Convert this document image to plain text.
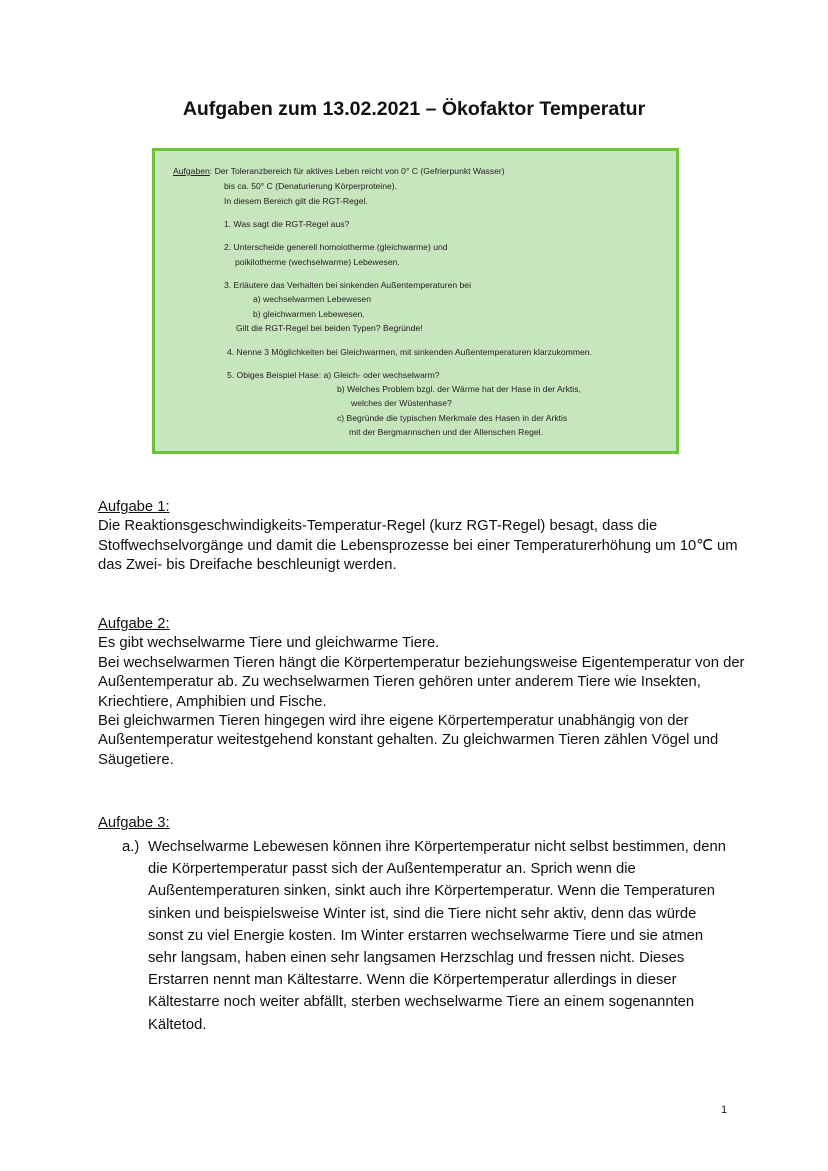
Aufgaben zum 13.02.2021 – Ökofaktor Temperatur
Aufgaben: Der Toleranzbereich für aktives Leben reicht von 0° C (Gefrierpunkt Wasser)
bis ca. 50° C (Denaturierung Körperproteine).
In diesem Bereich gilt die RGT-Regel.
1. Was sagt die RGT-Regel aus?
2. Unterscheide generell homoiotherme (gleichwarme) und
poikilotherme (wechselwarme) Lebewesen.
3. Erläutere das Verhalten bei sinkenden Außentemperaturen bei
a) wechselwarmen Lebewesen
b) gleichwarmen Lebewesen.
Gilt die RGT-Regel bei beiden Typen? Begründe!
4. Nenne 3 Möglichkeiten bei Gleichwarmen, mit sinkenden Außentemperaturen klarzukommen.
5. Obiges Beispiel Hase: a) Gleich- oder wechselwarm?
b) Welches Problem bzgl. der Wärme hat der Hase in der Arktis,
welches der Wüstenhase?
c) Begründe die typischen Merkmale des Hasen in der Arktis
mit der Bergmannschen und der Allenschen Regel.
Aufgabe 1:

Die Reaktionsgeschwindigkeits-Temperatur-Regel (kurz RGT-Regel) besagt, dass die Stoffwechselvorgänge und damit die Lebensprozesse bei einer Temperaturerhöhung um 10℃ um das Zwei- bis Dreifache beschleunigt werden.

Aufgabe 2:

Es gibt wechselwarme Tiere und gleichwarme Tiere.

Bei wechselwarmen Tieren hängt die Körpertemperatur beziehungsweise Eigentemperatur von der Außentemperatur ab. Zu wechselwarmen Tieren gehören unter anderem Tiere wie Insekten, Kriechtiere, Amphibien und Fische.

Bei gleichwarmen Tieren hingegen wird ihre eigene Körpertemperatur unabhängig von der Außentemperatur weitestgehend konstant gehalten. Zu gleichwarmen Tieren zählen Vögel und Säugetiere.

Aufgabe 3:
a.) Wechselwarme Lebewesen können ihre Körpertemperatur nicht selbst bestimmen, denn die Körpertemperatur passt sich der Außentemperatur an. Sprich wenn die Außentemperaturen sinken, sinkt auch ihre Körpertemperatur. Wenn die Temperaturen sinken und beispielsweise Winter ist, sind die Tiere nicht sehr aktiv, denn das würde sonst zu viel Energie kosten. Im Winter erstarren wechselwarme Tiere und sie atmen sehr langsam, haben einen sehr langsamen Herzschlag und fressen nicht. Dieses Erstarren nennt man Kältestarre. Wenn die Körpertemperatur allerdings in dieser Kältestarre noch weiter abfällt, sterben wechselwarme Tiere an einem sogenannten Kältetod.
1
